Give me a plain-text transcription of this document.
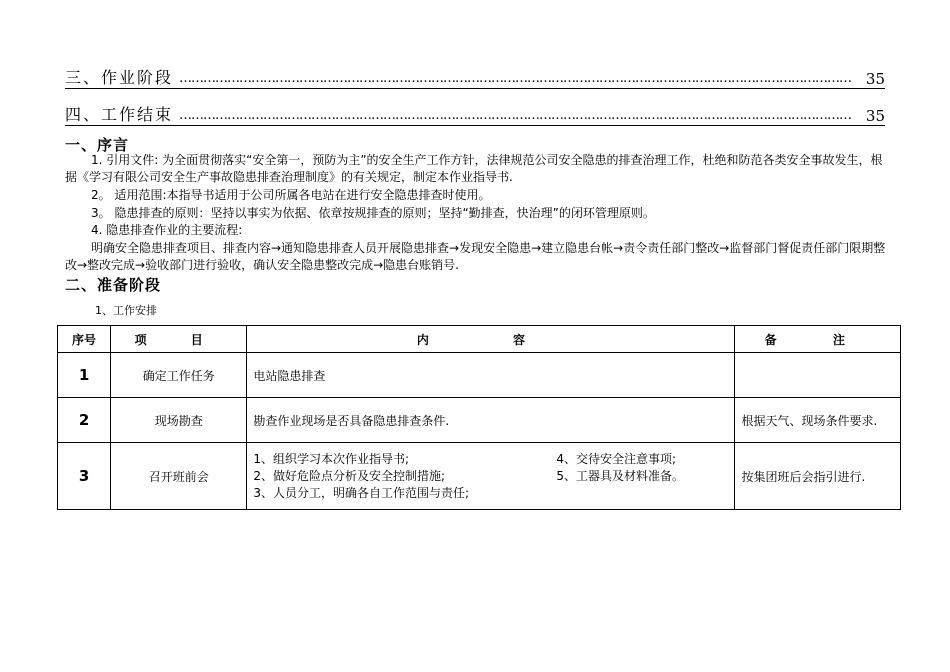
三、作业阶段 …………………………………………………………………………………………………………………………………………………… 35
四、工作结束 …………………………………………………………………………………………………………………………………………………… 35
一、序言
1. 引用文件: 为全面贯彻落实“安全第一，预防为主”的安全生产工作方针，法律规范公司安全隐患的排查治理工作，杜绝和防范各类安全事故发生，根据《学习有限公司安全生产事故隐患排查治理制度》的有关规定，制定本作业指导书.
2。 适用范围:本指导书适用于公司所属各电站在进行安全隐患排查时使用。
3。 隐患排查的原则：坚持以事实为依据、依章按规排查的原则；坚持“勤排查，快治理”的闭环管理原则。
4. 隐患排查作业的主要流程:
明确安全隐患排查项目、排查内容→通知隐患排查人员开展隐患排查→发现安全隐患→建立隐患台帐→责令责任部门整改→监督部门督促责任部门限期整改→整改完成→验收部门进行验收，确认安全隐患整改完成→隐患台账销号.
二、准备阶段
1、工作安排
序号	项 目	内 容	备 注
1	确定工作任务	电站隐患排查	
2	现场勘查	勘查作业现场是否具备隐患排查条件.	根据天气、现场条件要求.
3	召开班前会	1、组织学习本次作业指导书; 4、交待安全注意事项;
2、做好危险点分析及安全控制措施; 5、工器具及材料准备。
3、人员分工，明确各自工作范围与责任;	按集团班后会指引进行.
